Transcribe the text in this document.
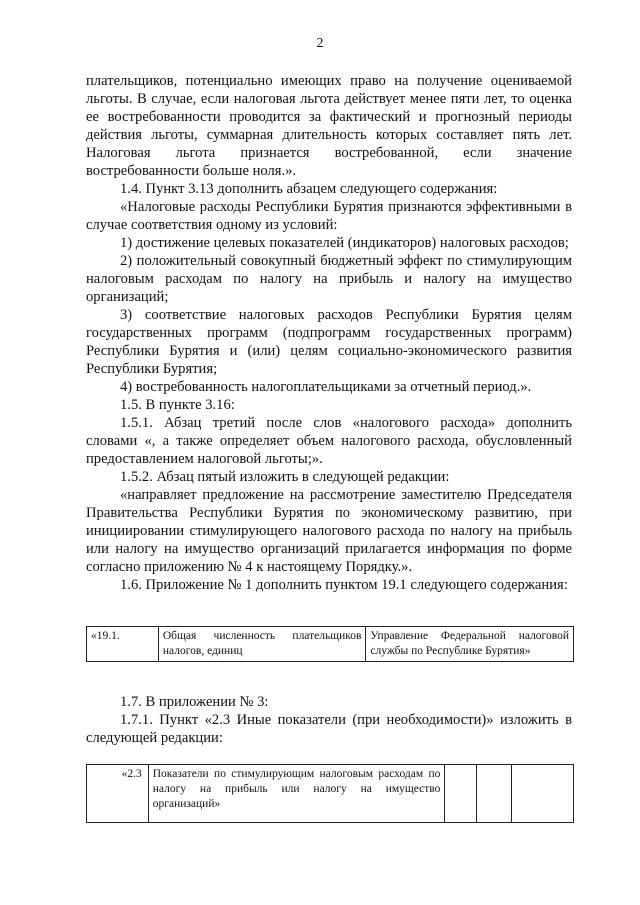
2

плательщиков, потенциально имеющих право на получение оцениваемой льготы. В случае, если налоговая льгота действует менее пяти лет, то оценка ее востребованности проводится за фактический и прогнозный периоды действия льготы, суммарная длительность которых составляет пять лет. Налоговая льгота признается востребованной, если значение востребованности больше ноля.».

1.4. Пункт 3.13 дополнить абзацем следующего содержания:

«Налоговые расходы Республики Бурятия признаются эффективными в случае соответствия одному из условий:

1) достижение целевых показателей (индикаторов) налоговых расходов;

2) положительный совокупный бюджетный эффект по стимулирующим налоговым расходам по налогу на прибыль и налогу на имущество организаций;

3) соответствие налоговых расходов Республики Бурятия целям государственных программ (подпрограмм государственных программ) Республики Бурятия и (или) целям социально-экономического развития Республики Бурятия;

4) востребованность налогоплательщиками за отчетный период.».

1.5. В пункте 3.16:

1.5.1. Абзац третий после слов «налогового расхода» дополнить словами «, а также определяет объем налогового расхода, обусловленный предоставлением налоговой льготы;».

1.5.2. Абзац пятый изложить в следующей редакции:

«направляет предложение на рассмотрение заместителю Председателя Правительства Республики Бурятия по экономическому развитию, при инициировании стимулирующего налогового расхода по налогу на прибыль или налогу на имущество организаций прилагается информация по форме согласно приложению № 4 к настоящему Порядку.».

1.6. Приложение № 1 дополнить пунктом 19.1 следующего содержания:

«19.1.	Общая численность плательщиков налогов, единиц	Управление Федеральной налоговой службы по Республике Бурятия»

1.7. В приложении № 3:

1.7.1. Пункт «2.3 Иные показатели (при необходимости)» изложить в следующей редакции:

«2.3	Показатели по стимулирующим налоговым расходам по налогу на прибыль или налогу на имущество организаций»			
